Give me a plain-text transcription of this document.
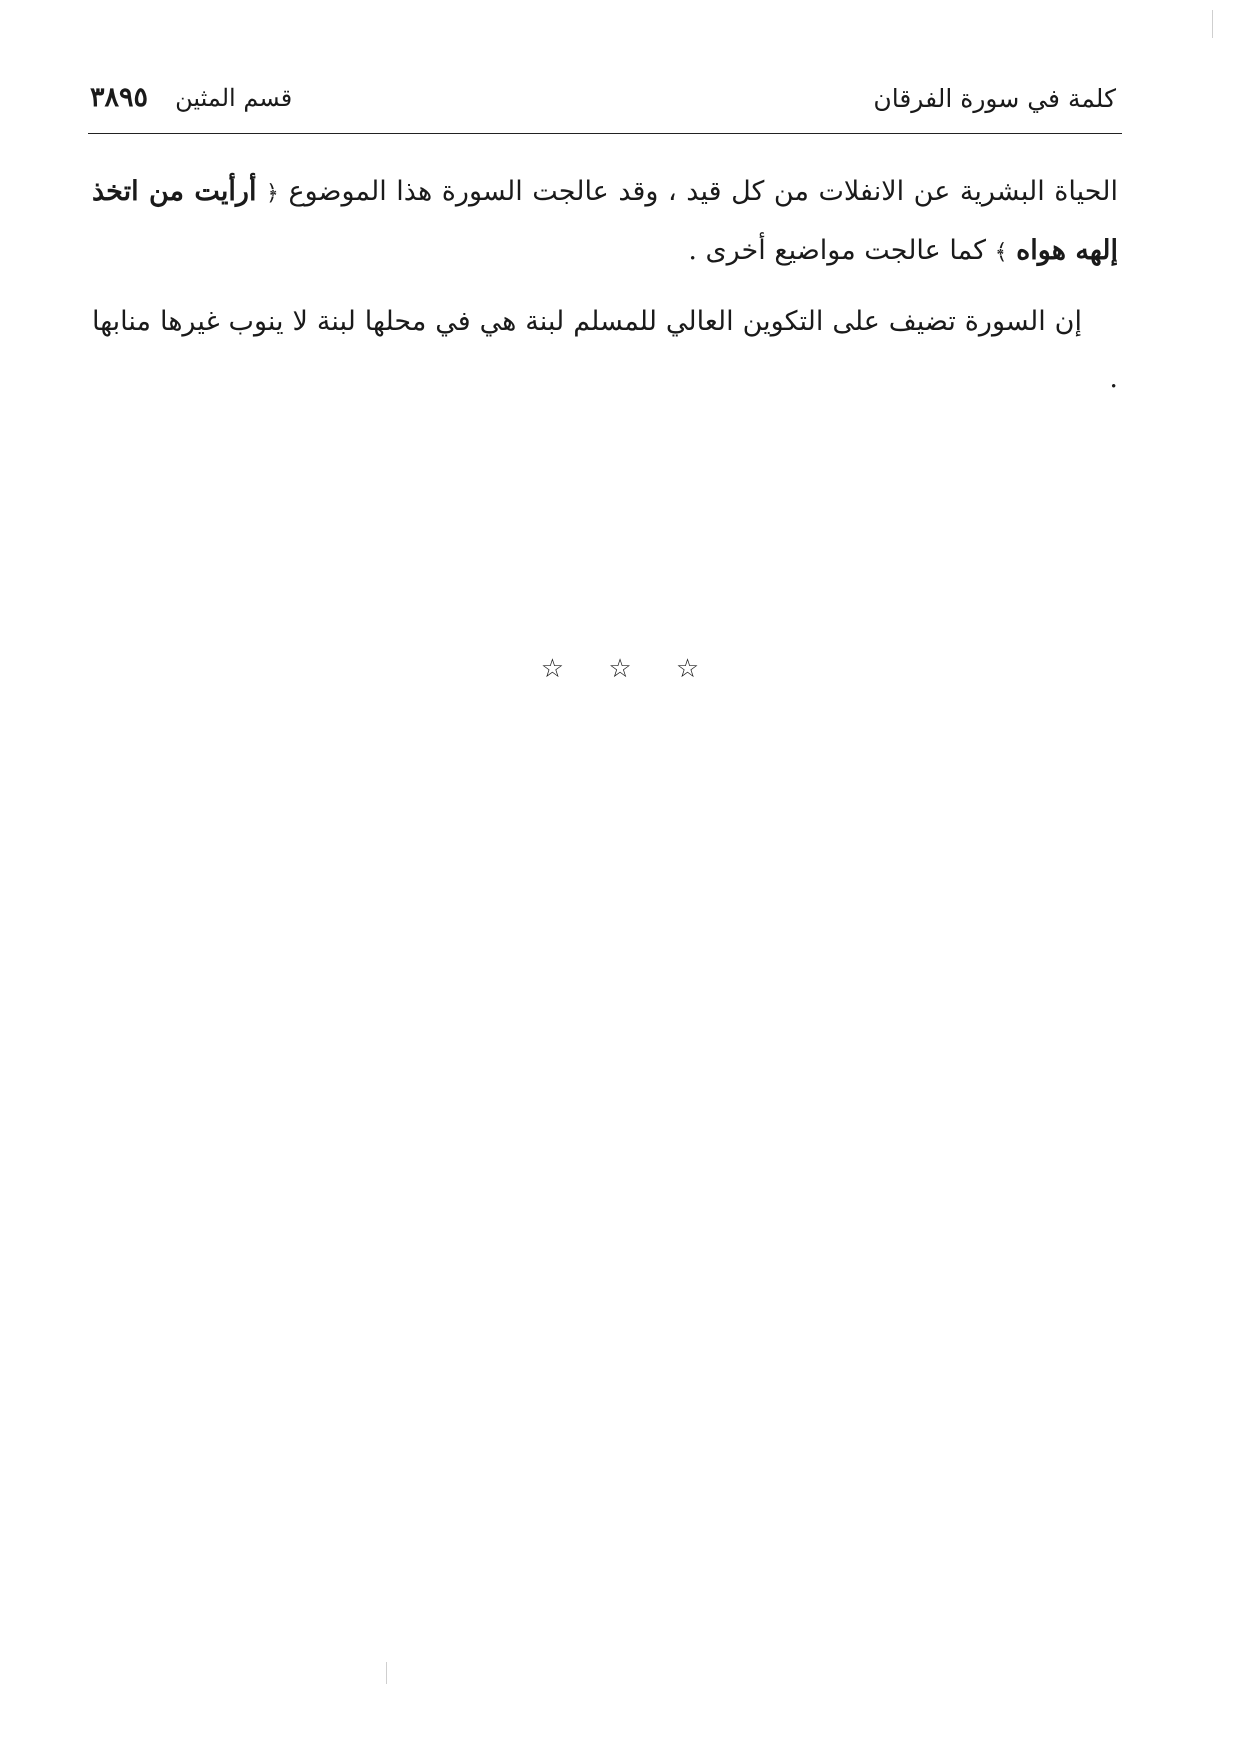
كلمة في سورة الفرقان
قسم المثين ٣٨٩٥

الحياة البشرية عن الانفلات من كل قيد ، وقد عالجت السورة هذا الموضوع ﴿ أرأيت من اتخذ إلهه هواه ﴾ كما عالجت مواضيع أخرى .

إن السورة تضيف على التكوين العالي للمسلم لبنة هي في محلها لبنة لا ينوب غيرها منابها .

☆ ☆ ☆
